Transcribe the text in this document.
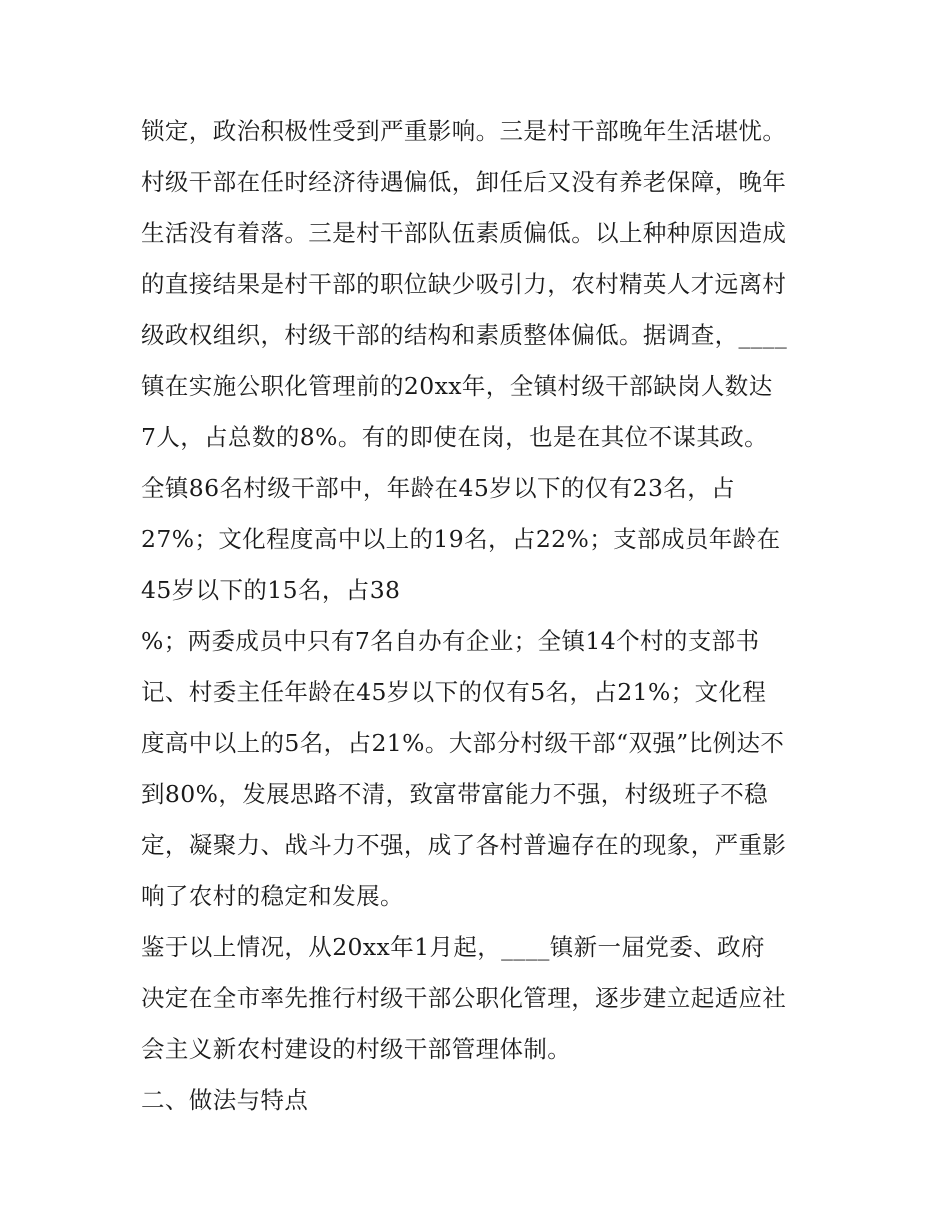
锁定，政治积极性受到严重影响。三是村干部晚年生活堪忧。
村级干部在任时经济待遇偏低，卸任后又没有养老保障，晚年
生活没有着落。三是村干部队伍素质偏低。以上种种原因造成
的直接结果是村干部的职位缺少吸引力，农村精英人才远离村
级政权组织，村级干部的结构和素质整体偏低。据调查，____
镇在实施公职化管理前的20xx年，全镇村级干部缺岗人数达
7人，占总数的8%。有的即使在岗，也是在其位不谋其政。
全镇86名村级干部中，年龄在45岁以下的仅有23名，占
27%；文化程度高中以上的19名，占22%；支部成员年龄在
45岁以下的15名，占38
%；两委成员中只有7名自办有企业；全镇14个村的支部书
记、村委主任年龄在45岁以下的仅有5名，占21%；文化程
度高中以上的5名，占21%。大部分村级干部“双强”比例达不
到80%，发展思路不清，致富带富能力不强，村级班子不稳
定，凝聚力、战斗力不强，成了各村普遍存在的现象，严重影
响了农村的稳定和发展。
鉴于以上情况，从20xx年1月起，____镇新一届党委、政府
决定在全市率先推行村级干部公职化管理，逐步建立起适应社
会主义新农村建设的村级干部管理体制。
二、做法与特点
